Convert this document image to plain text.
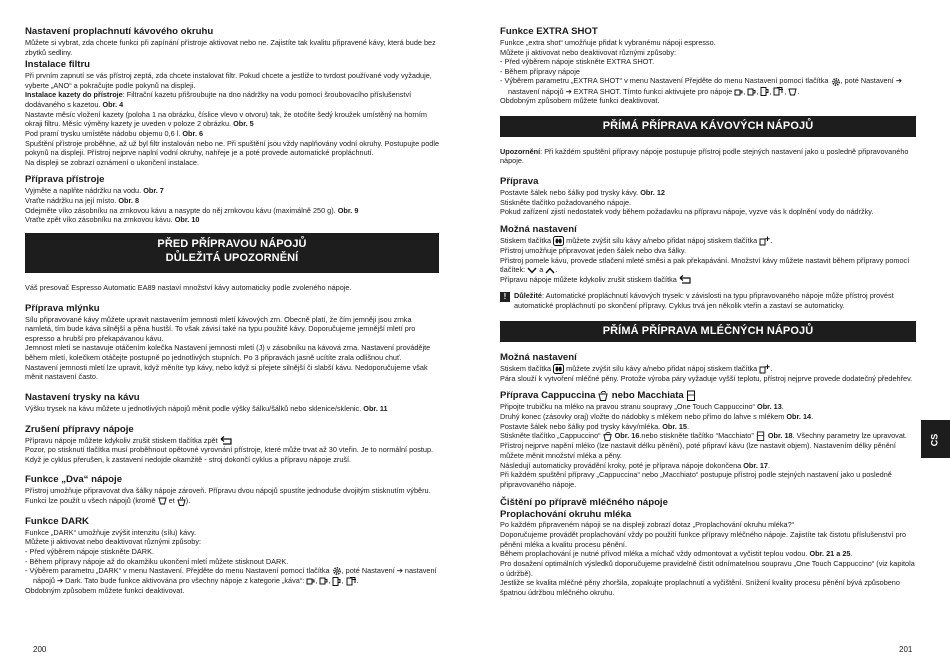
Nastavení proplachnutí kávového okruhu

Můžete si vybrat, zda chcete funkci při zapínání přístroje aktivovat nebo ne. Zajistíte tak kvalitu připravené kávy, která bude bez zbytků sedliny.

Instalace filtru

Při prvním zapnutí se vás přístroj zeptá, zda chcete instalovat filtr. Pokud chcete a jestliže to tvrdost používané vody vyžaduje, vyberte „ANO“ a pokračujte podle pokynů na displeji.

Instalace kazety do přístroje: Filtrační kazetu přišroubujte na dno nádržky na vodu pomocí šroubovacího příslušenství dodávaného s kazetou. Obr. 4

Nastavte měsíc vložení kazety (poloha 1 na obrázku, číslice vlevo v otvoru) tak, že otočíte šedý kroužek umístěný na horním okraji filtru. Měsíc výměny kazety je uveden v poloze 2 obrázku. Obr. 5

Pod pramí trysku umístěte nádobu objemu 0,6 l. Obr. 6

Spuštění přístroje proběhne, až už byl filtr instalován nebo ne. Při spuštění jsou vždy naplňovány vodní okruhy. Postupujte podle pokynů na displeji. Přístroj nejprve naplní vodní okruhy, nahřeje je a poté provede automatické propláchnutí.

Na displeji se zobrazí oznámení o ukončení instalace.

Příprava přístroje

Vyjměte a naplňte nádržku na vodu. Obr. 7

Vraťte nádržku na její místo. Obr. 8

Odejměte víko zásobníku na zrnkovou kávu a nasypte do něj zrnkovou kávu (maximálně 250 g). Obr. 9

Vraťte zpět víko zásobníku na zrnkovou kávu. Obr. 10

PŘED PŘÍPRAVOU NÁPOJŮ
DŮLEŽITÁ UPOZORNĚNÍ

Váš presovač Espresso Automatic EA89 nastaví množství kávy automaticky podle zvoleného nápoje.

Příprava mlýnku

Sílu připravované kávy můžete upravit nastavením jemnosti mletí kávových zrn. Obecně platí, že čím jemněji jsou zrnka namletá, tím bude káva silnější a pěna hustší. To však závisí také na typu použité kávy. Doporučujeme jemnější mletí pro espresso a hrubší pro překapávanou kávu.

Jemnost mletí se nastavuje otáčením kolečka Nastavení jemnosti mletí (J) v zásobníku na kávová zrna. Nastavení provádějte během mletí, kolečkem otáčejte postupně po jednotlivých stupních. Po 3 připravách jasně ucítíte zrala odlišnou chuť.

Nastavení jemnosti mletí lze upravit, když měníte typ kávy, nebo když si přejete silnější či slabší kávu. Nedoporučujeme však měnit nastavení často.

Nastavení trysky na kávu

Výšku trysek na kávu můžete u jednotlivých nápojů měnit podle výšky šálku/šálků nebo sklenice/sklenic. Obr. 11

Zrušení přípravy nápoje

Přípravu nápoje můžete kdykoliv zrušit stiskem tlačítka zpět

Pozor, po stisknutí tlačítka musí proběhnout opětovné vyrovnání přístroje, které může trvat až 30 vteřin. Je to normální postup.

Když je cyklus přerušen, k zastavení nedojde okamžitě - stroj dokončí cyklus a přípravu nápoje zruší.

Funkce „Dva“ nápoje

Přístroj umožňuje připravovat dva šálky nápoje zároveň. Přípravu dvou nápojů spustíte jednoduše dvojitým stisknutím výběru.

Funkci lze použít u všech nápojů (kromě  et ).

Funkce DARK

Funkce „DARK“ umožňuje zvýšit intenzitu (sílu) kávy.

Můžete ji aktivovat nebo deaktivovat různými způsoby:

- Před výběrem nápoje stiskněte DARK.

- Během přípravy nápoje až do okamžiku ukončení mletí můžete stisknout DARK.

- Výběrem parametru „DARK“ v menu Nastavení. Přejděte do menu Nastavení pomocí tlačítka , poté Nastavení ➔ nastavení

nápojů ➔ Dark. Tato bude funkce aktivována pro všechny nápoje z kategorie „káva“: , , , .

Obdobným způsobem můžete funkci deaktivovat.

200
Funkce EXTRA SHOT

Funkce „extra shot“ umožňuje přidat k vybranému nápoji espresso.

Můžete ji aktivovat nebo deaktivovat různými způsoby:

- Před výběrem nápoje stiskněte EXTRA SHOT.

- Během přípravy nápoje

- Výběrem parametru „EXTRA SHOT“ v menu Nastavení Přejděte do menu Nastavení pomocí tlačítka , poté Nastavení ➔

nastavení nápojů ➔ EXTRA SHOT. Tímto funkci aktivujete pro nápoje , , , , .

Obdobným způsobem můžete funkci deaktivovat.

PŘÍMÁ PŘÍPRAVA KÁVOVÝCH NÁPOJŮ

Upozornění: Při každém spuštění přípravy nápoje postupuje přístroj podle stejných nastavení jako u posledně připravovaného nápoje.

Příprava

Postavte šálek nebo šálky pod trysky kávy. Obr. 12

Stiskněte tlačítko požadovaného nápoje.

Pokud zařízení zjistí nedostatek vody během požadavku na přípravu nápoje, vyzve vás k doplnění vody do nádržky.

Možná nastavení

Stiskem tlačítka  můžete zvýšit sílu kávy a/nebo přidat nápoj stiskem tlačítka .

Přístroj umožňuje připravovat jeden šálek nebo dva šálky.

Přístroj pomele kávu, provede stlačení mleté směsi a pak překapávání. Množství kávy můžete nastavit během přípravy pomocí tlačítek:  a .

Přípravu nápoje můžete kdykoliv zrušit stiskem tlačítka

!	Důležité: Automatické propláchnutí kávových trysek: v závislosti na typu připravovaného nápoje může přístroj provést automatické propláchnutí po skončení přípravy. Cyklus trvá jen několik vteřin a zastaví se automaticky.

PŘÍMÁ PŘÍPRAVA MLÉČNÝCH NÁPOJŮ
Možná nastavení

Stiskem tlačítka  můžete zvýšit sílu kávy a/nebo přidat nápoj stiskem tlačítka .

Pára slouží k vytvoření mléčné pěny. Protože výroba páry vyžaduje vyšší teplotu, přístroj nejprve provede dodatečný předehřev.

Příprava Cappuccina  nebo Macchiata

Připojte trubičku na mléko na pravou stranu soupravy „One Touch Cappuccino“ Obr. 13.

Druhý konec (zásovky oraj) vložte do nádobky s mlékem nebo přímo do lahve s mlékem Obr. 14.

Postavte šálek nebo šálky pod trysky kávy/mléka. Obr. 15.

Stiskněte tlačítko „Cappuccino“  Obr. 16.nebo stiskněte tlačítko “Macchiato”  Obr. 18. Všechny parametry lze upravovat.

Přístroj nejprve napění mléko (lze nastavit délku pěnění), poté připraví kávu (lze nastavit objem). Nastavením délky pěnění můžete měnit množství mléka a pěny.

Následují automaticky provádění kroky, poté je příprava nápoje dokončena Obr. 17.

Při každém spuštění přípravy „Cappuccina“ nebo „Macchiato“ postupuje přístroj podle stejných nastavení jako u posledně připravovaného nápoje.

Čištění po přípravě mléčného nápoje
Proplachování okruhu mléka

Po každém připraveném nápoji se na displeji zobrazí dotaz „Proplachování okruhu mléka?“

Doporučujeme provádět proplachování vždy po použití funkce přípravy mléčného nápoje. Zajistíte tak čistotu příslušenství pro pěnění mléka a kvalitu procesu pěnění.

Během proplachování je nutné přívod mléka a míchač vždy odmontovat a vyčistit teplou vodou. Obr. 21 a 25.

Pro dosažení optimálních výsledků doporučujeme pravidelně čistit odnímatelnou soupravu „One Touch Cappuccino“ (viz kapitola o údržbě).

Jestliže se kvalita mléčné pěny zhoršila, zopakujte proplachnutí a vyčištění. Snížení kvality procesu pěnění bývá způsobeno špatnou údržbou mléčného okruhu.

201
CS
